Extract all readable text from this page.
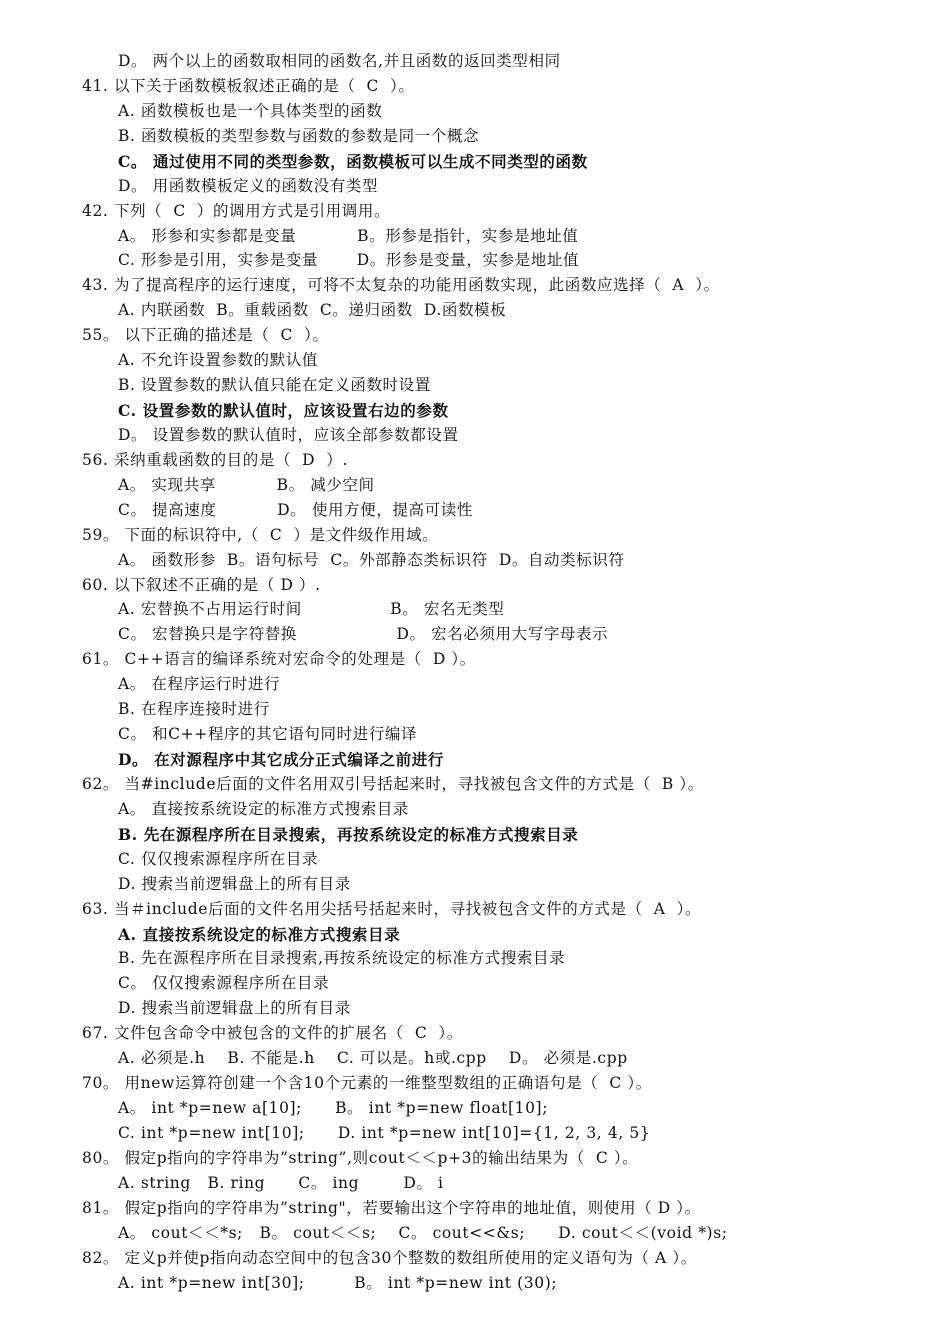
D。 两个以上的函数取相同的函数名,并且函数的返回类型相同
41. 以下关于函数模板叙述正确的是（  C  ）。
A. 函数模板也是一个具体类型的函数
B. 函数模板的类型参数与函数的参数是同一个概念
C。 通过使用不同的类型参数，函数模板可以生成不同类型的函数
D。 用函数模板定义的函数没有类型
42. 下列（  C  ）的调用方式是引用调用。
A。 形参和实参都是变量           B。形参是指针，实参是地址值
C. 形参是引用，实参是变量       D。形参是变量，实参是地址值
43. 为了提高程序的运行速度，可将不太复杂的功能用函数实现，此函数应选择（  A  ）。
A. 内联函数  B。重载函数  C。递归函数  D.函数模板
55。 以下正确的描述是（  C  ）。
A. 不允许设置参数的默认值
B. 设置参数的默认值只能在定义函数时设置
C. 设置参数的默认值时，应该设置右边的参数
D。 设置参数的默认值时，应该全部参数都设置
56. 采纳重载函数的目的是（  D  ）.
A。 实现共享           B。 减少空间
C。 提高速度           D。 使用方便，提高可读性
59。 下面的标识符中,（  C  ）是文件级作用域。
A。 函数形参  B。语句标号  C。外部静态类标识符  D。自动类标识符
60. 以下叙述不正确的是（ D ）.
A. 宏替换不占用运行时间                B。 宏名无类型
C。 宏替换只是字符替换                  D。 宏名必须用大写字母表示
61。 C++语言的编译系统对宏命令的处理是（  D ）。
A。 在程序运行时进行
B. 在程序连接时进行
C。 和C++程序的其它语句同时进行编译
D。 在对源程序中其它成分正式编译之前进行
62。 当#include后面的文件名用双引号括起来时，寻找被包含文件的方式是（  B ）。
A。 直接按系统设定的标准方式搜索目录
B. 先在源程序所在目录搜索，再按系统设定的标准方式搜索目录
C. 仅仅搜索源程序所在目录
D. 搜索当前逻辑盘上的所有目录
63. 当＃include后面的文件名用尖括号括起来时，寻找被包含文件的方式是（  A  ）。
A. 直接按系统设定的标准方式搜索目录
B. 先在源程序所在目录搜索,再按系统设定的标准方式搜索目录
C。 仅仅搜索源程序所在目录
D. 搜索当前逻辑盘上的所有目录
67. 文件包含命令中被包含的文件的扩展名（  C  ）。
A. 必须是.h    B. 不能是.h    C. 可以是。h或.cpp    D。 必须是.cpp
70。 用new运算符创建一个含10个元素的一维整型数组的正确语句是（  C ）。
A。 int *p=new a[10];      B。 int *p=new float[10];
C. int *p=new int[10];      D. int *p=new int[10]={1, 2, 3, 4, 5}
80。 假定p指向的字符串为”string”,则cout＜＜p+3的输出结果为（  C ）。
A. string   B. ring      C。 ing        D。 i
81。 假定p指向的字符串为”string"，若要输出这个字符串的地址值，则使用（ D ）。
A。 cout＜＜*s;   B。 cout＜＜s;    C。 cout<<&s;      D. cout＜＜(void *)s;
82。 定义p并使p指向动态空间中的包含30个整数的数组所使用的定义语句为（ A ）。
A. int *p=new int[30];         B。 int *p=new int (30);
